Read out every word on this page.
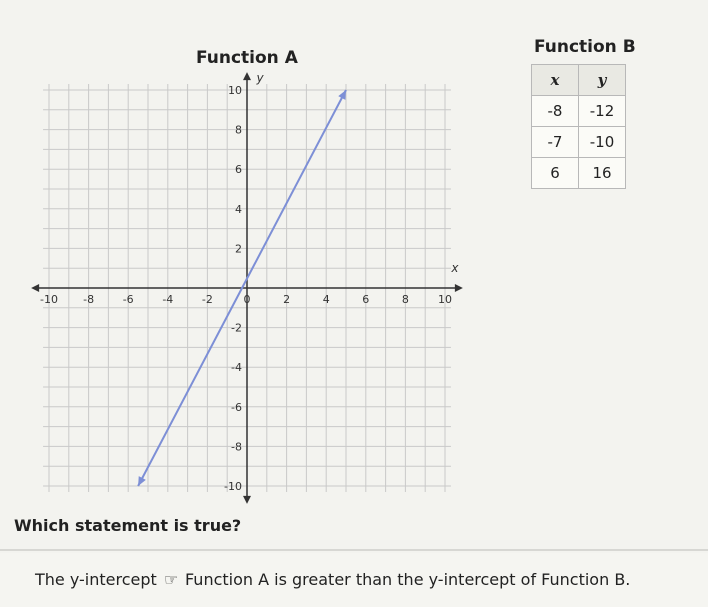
Function A
Function B
-10 -8	-6	-4	-2	0	2	4	6	8	10
10
8
6
4
2
-2
-4
-6
-8
-10
x
y	x	y
-8	-12
-7	-10
6	16
Which statement is true?
The y-intercept ☞ Function A is greater than the y-intercept of Function B.
